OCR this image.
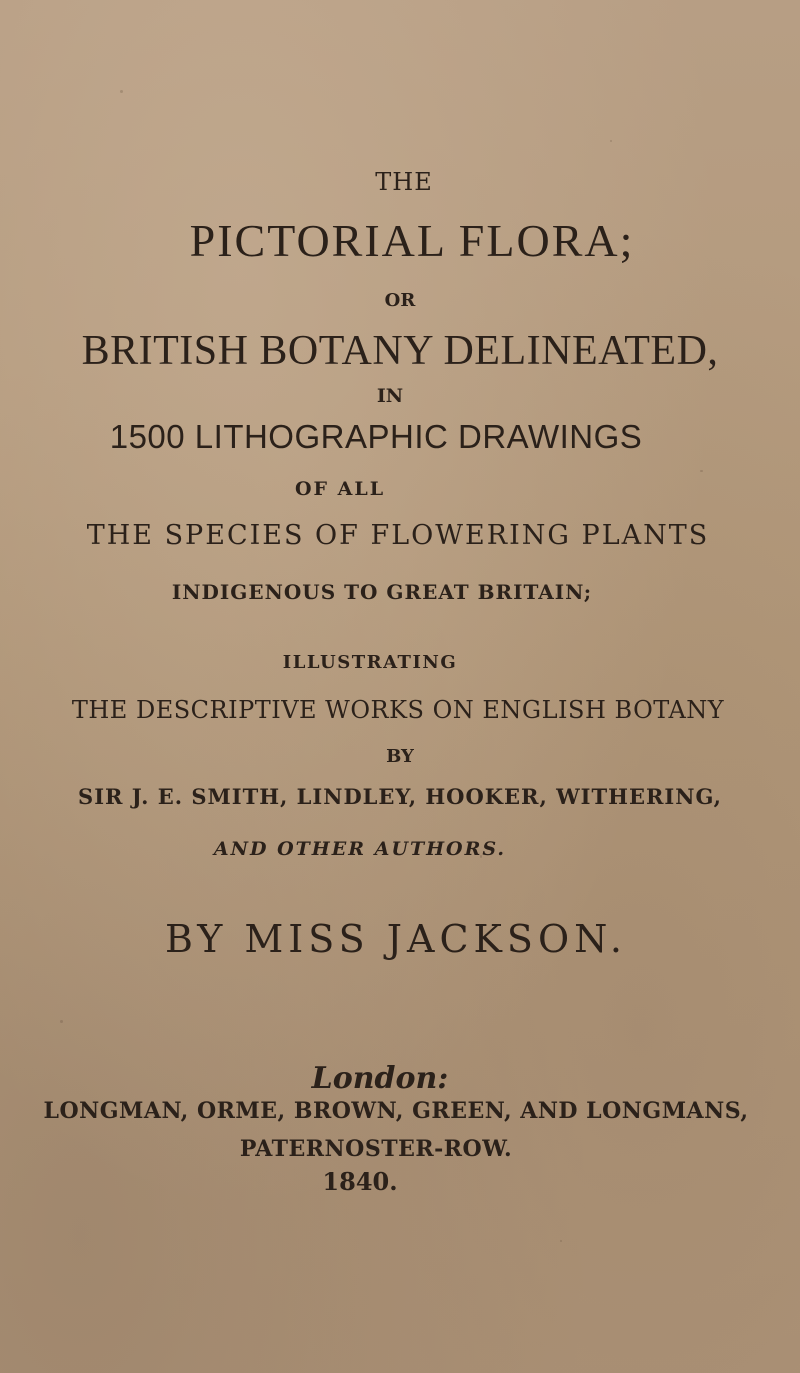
THE
PICTORIAL FLORA;
OR
BRITISH BOTANY DELINEATED,
IN
1500 LITHOGRAPHIC DRAWINGS
OF ALL
THE SPECIES OF FLOWERING PLANTS
INDIGENOUS TO GREAT BRITAIN;
ILLUSTRATING
THE DESCRIPTIVE WORKS ON ENGLISH BOTANY
BY
SIR J. E. SMITH, LINDLEY, HOOKER, WITHERING,
AND OTHER AUTHORS.
BY MISS JACKSON.
London:
LONGMAN, ORME, BROWN, GREEN, AND LONGMANS,
PATERNOSTER-ROW.
1840.
